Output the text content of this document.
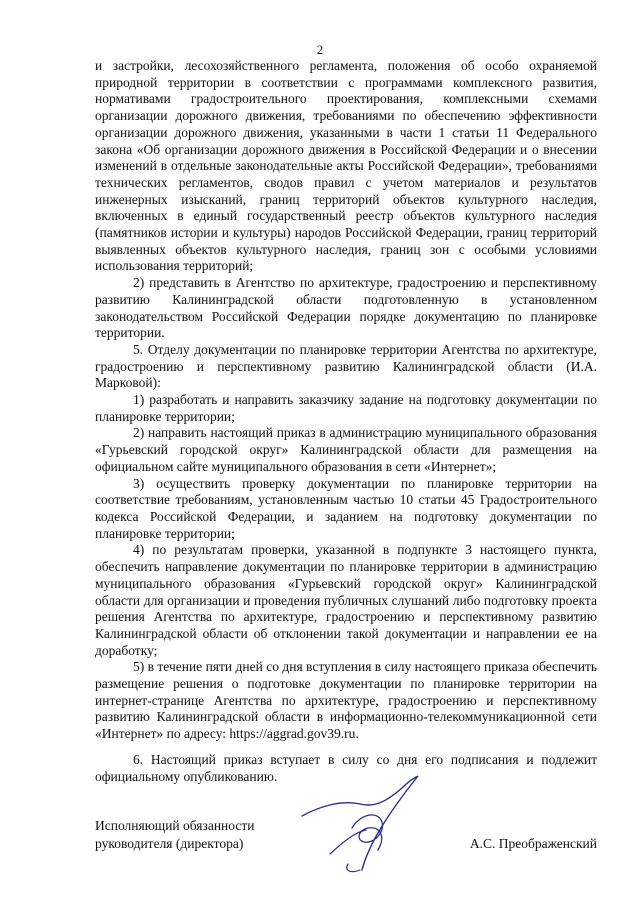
2

и застройки, лесохозяйственного регламента, положения об особо охраняемой природной территории в соответствии с программами комплексного развития, нормативами градостроительного проектирования, комплексными схемами организации дорожного движения, требованиями по обеспечению эффективности организации дорожного движения, указанными в части 1 статьи 11 Федерального закона «Об организации дорожного движения в Российской Федерации и о внесении изменений в отдельные законодательные акты Российской Федерации», требованиями технических регламентов, сводов правил с учетом материалов и результатов инженерных изысканий, границ территорий объектов культурного наследия, включенных в единый государственный реестр объектов культурного наследия (памятников истории и культуры) народов Российской Федерации, границ территорий выявленных объектов культурного наследия, границ зон с особыми условиями использования территорий;

2) представить в Агентство по архитектуре, градостроению и перспективному развитию Калининградской области подготовленную в установленном законодательством Российской Федерации порядке документацию по планировке территории.

5. Отделу документации по планировке территории Агентства по архитектуре, градостроению и перспективному развитию Калининградской области (И.А. Марковой):

1) разработать и направить заказчику задание на подготовку документации по планировке территории;

2) направить настоящий приказ в администрацию муниципального образования «Гурьевский городской округ» Калининградской области для размещения на официальном сайте муниципального образования в сети «Интернет»;

3) осуществить проверку документации по планировке территории на соответствие требованиям, установленным частью 10 статьи 45 Градостроительного кодекса Российской Федерации, и заданием на подготовку документации по планировке территории;

4) по результатам проверки, указанной в подпункте 3 настоящего пункта, обеспечить направление документации по планировке территории в администрацию муниципального образования «Гурьевский городской округ» Калининградской области для организации и проведения публичных слушаний либо подготовку проекта решения Агентства по архитектуре, градостроению и перспективному развитию Калининградской области об отклонении такой документации и направлении ее на доработку;

5) в течение пяти дней со дня вступления в силу настоящего приказа обеспечить размещение решения о подготовке документации по планировке территории на интернет-странице Агентства по архитектуре, градостроению и перспективному развитию Калининградской области в информационно-телекоммуникационной сети «Интернет» по адресу: https://aggrad.gov39.ru.

6. Настоящий приказ вступает в силу со дня его подписания и подлежит официальному опубликованию.

Исполняющий обязанности
руководителя (директора)	А.С. Преображенский
